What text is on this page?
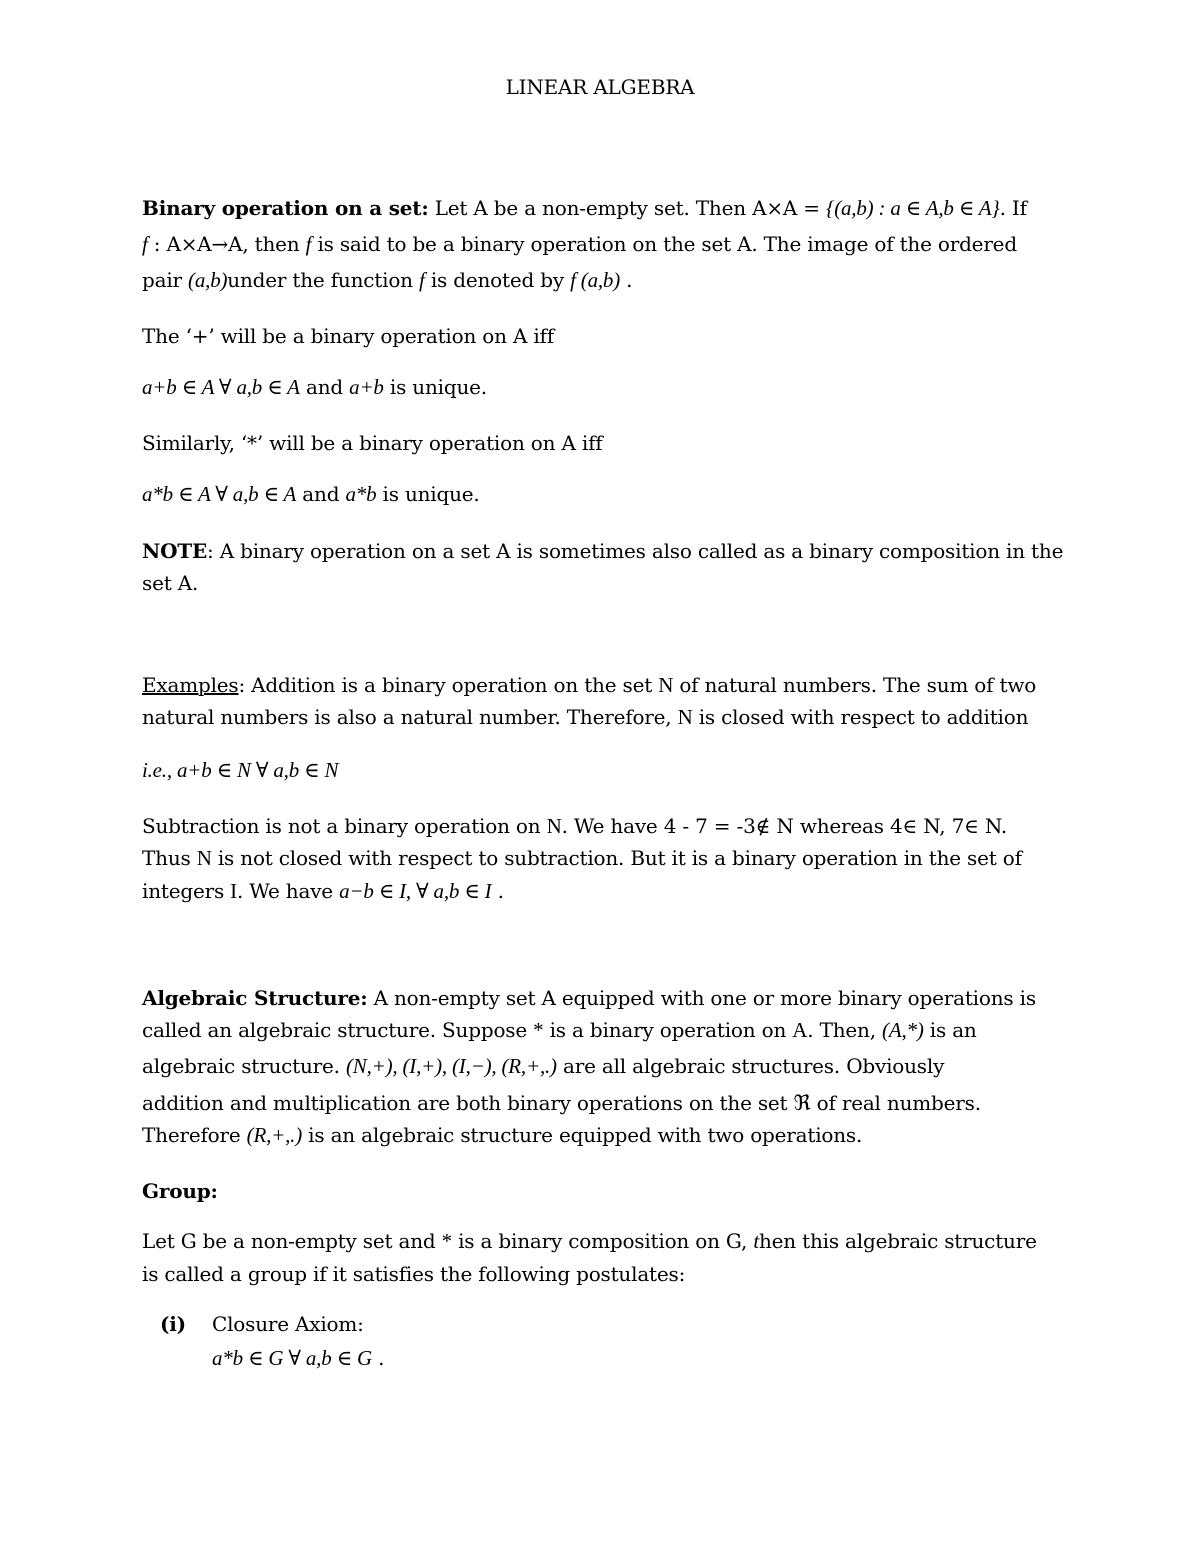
LINEAR ALGEBRA
Binary operation on a set: Let A be a non-empty set. Then A×A = {(a,b) : a ∈ A,b ∈ A}. If
f : A×A→A, then f is said to be a binary operation on the set A. The image of the ordered
pair (a,b)under the function f is denoted by f (a,b) .
The ‘+’ will be a binary operation on A iff
a+b ∈ A ∀ a,b ∈ A and a+b is unique.
Similarly, ‘*’ will be a binary operation on A iff
a*b ∈ A ∀ a,b ∈ A and a*b is unique.
NOTE: A binary operation on a set A is sometimes also called as a binary composition in the
set A.
Examples: Addition is a binary operation on the set N of natural numbers. The sum of two
natural numbers is also a natural number. Therefore, N is closed with respect to addition
i.e., a+b ∈ N ∀ a,b ∈ N
Subtraction is not a binary operation on N. We have 4 - 7 = -3∉ N whereas 4∈ N, 7∈ N.
Thus N is not closed with respect to subtraction. But it is a binary operation in the set of
integers I. We have a−b ∈ I, ∀ a,b ∈ I .
Algebraic Structure: A non-empty set A equipped with one or more binary operations is
called an algebraic structure. Suppose * is a binary operation on A. Then, (A,*) is an
algebraic structure. (N,+), (I,+), (I,−), (R,+,.) are all algebraic structures. Obviously
addition and multiplication are both binary operations on the set ℜ of real numbers.
Therefore (R,+,.) is an algebraic structure equipped with two operations.
Group:
Let G be a non-empty set and * is a binary composition on G, then this algebraic structure
is called a group if it satisfies the following postulates:
(i) Closure Axiom:
a*b ∈ G ∀ a,b ∈ G .
